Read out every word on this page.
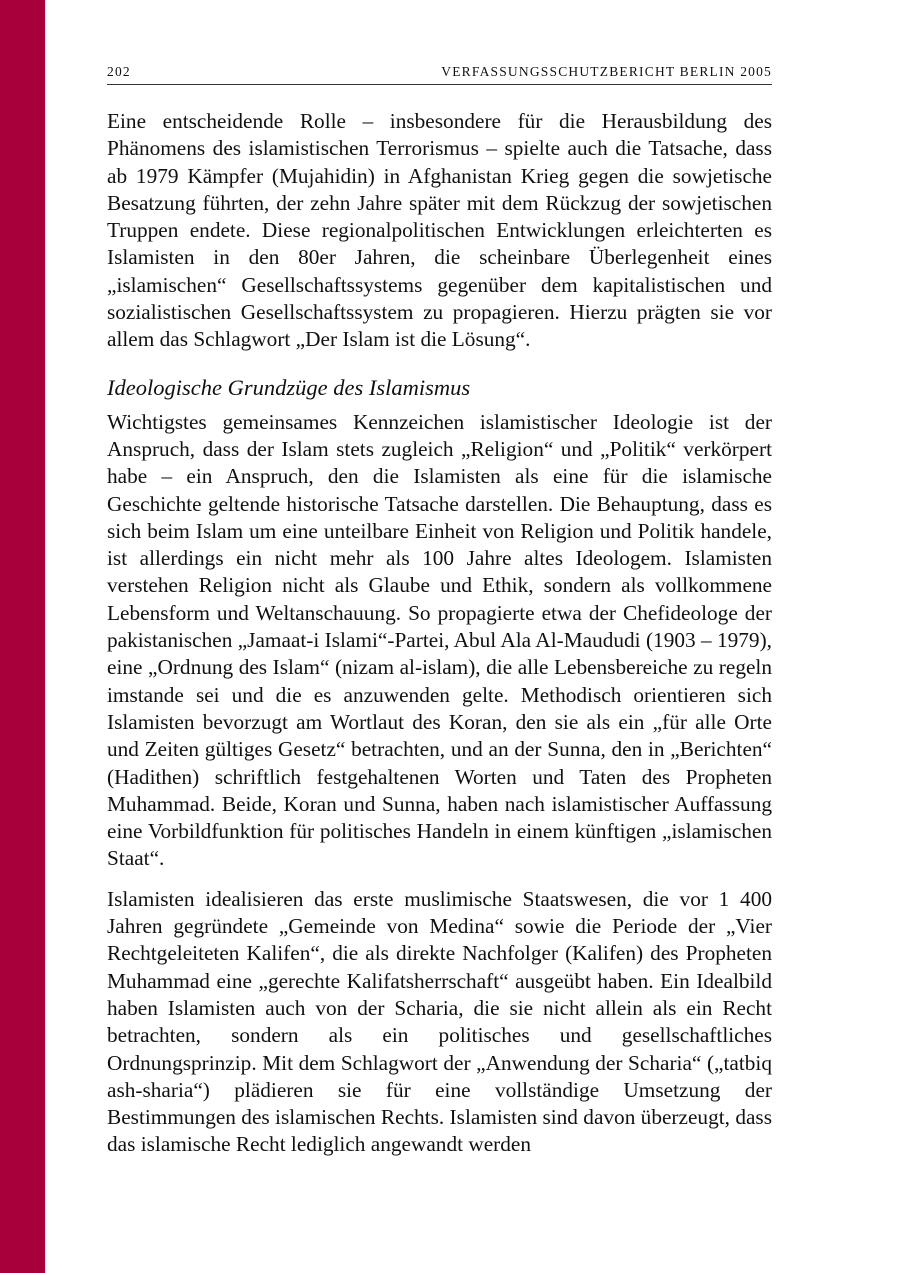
202	VERFASSUNGSSCHUTZBERICHT BERLIN 2005

Eine entscheidende Rolle – insbesondere für die Herausbildung des Phänomens des islamistischen Terrorismus – spielte auch die Tatsache, dass ab 1979 Kämpfer (Mujahidin) in Afghanistan Krieg gegen die sowjetische Besatzung führten, der zehn Jahre später mit dem Rückzug der sowjetischen Truppen endete. Diese regionalpolitischen Entwicklungen erleichterten es Islamisten in den 80er Jahren, die scheinbare Überlegenheit eines „islamischen“ Gesellschaftssystems gegenüber dem kapitalistischen und sozialistischen Gesellschaftssystem zu propagieren. Hierzu prägten sie vor allem das Schlagwort „Der Islam ist die Lösung“.

Ideologische Grundzüge des Islamismus

Wichtigstes gemeinsames Kennzeichen islamistischer Ideologie ist der Anspruch, dass der Islam stets zugleich „Religion“ und „Politik“ verkörpert habe – ein Anspruch, den die Islamisten als eine für die islamische Geschichte geltende historische Tatsache darstellen. Die Behauptung, dass es sich beim Islam um eine unteilbare Einheit von Religion und Politik handele, ist allerdings ein nicht mehr als 100 Jahre altes Ideologem. Islamisten verstehen Religion nicht als Glaube und Ethik, sondern als vollkommene Lebensform und Weltanschauung. So propagierte etwa der Chefideologe der pakistanischen „Jamaat-i Islami“-Partei, Abul Ala Al-Maududi (1903 – 1979), eine „Ordnung des Islam“ (nizam al-islam), die alle Lebensbereiche zu regeln imstande sei und die es anzuwenden gelte. Methodisch orientieren sich Islamisten bevorzugt am Wortlaut des Koran, den sie als ein „für alle Orte und Zeiten gültiges Gesetz“ betrachten, und an der Sunna, den in „Berichten“ (Hadithen) schriftlich festgehaltenen Worten und Taten des Propheten Muhammad. Beide, Koran und Sunna, haben nach islamistischer Auffassung eine Vorbildfunktion für politisches Handeln in einem künftigen „islamischen Staat“.

Islamisten idealisieren das erste muslimische Staatswesen, die vor 1 400 Jahren gegründete „Gemeinde von Medina“ sowie die Periode der „Vier Rechtgeleiteten Kalifen“, die als direkte Nachfolger (Kalifen) des Propheten Muhammad eine „gerechte Kalifatsherrschaft“ ausgeübt haben. Ein Idealbild haben Islamisten auch von der Scharia, die sie nicht allein als ein Recht betrachten, sondern als ein politisches und gesellschaftliches Ordnungsprinzip. Mit dem Schlagwort der „Anwendung der Scharia“ („tatbiq ash-sharia“) plädieren sie für eine vollständige Umsetzung der Bestimmungen des islamischen Rechts. Islamisten sind davon überzeugt, dass das islamische Recht lediglich angewandt werden
